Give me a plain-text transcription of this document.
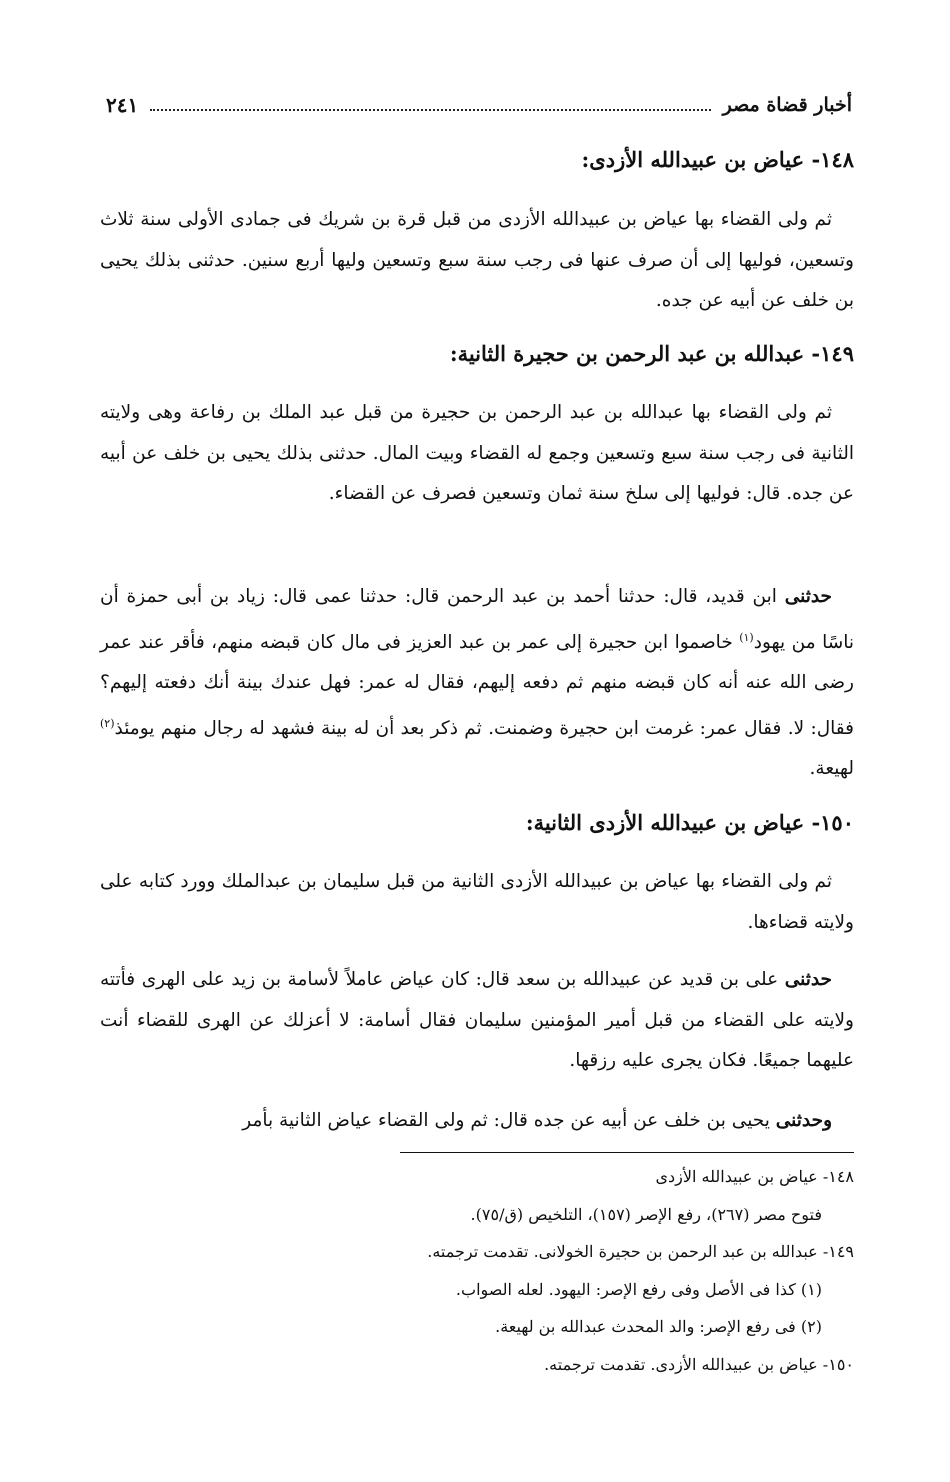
أخبار قضاة مصر
٢٤١
١٤٨- عياض بن عبيدالله الأزدى:

ثم ولى القضاء بها عياض بن عبيدالله الأزدى من قبل قرة بن شريك فى جمادى الأولى سنة ثلاث وتسعين، فوليها إلى أن صرف عنها فى رجب سنة سبع وتسعين وليها أربع سنين. حدثنى بذلك يحيى بن خلف عن أبيه عن جده.

١٤٩- عبدالله بن عبد الرحمن بن حجيرة الثانية:

ثم ولى القضاء بها عبدالله بن عبد الرحمن بن حجيرة من قبل عبد الملك بن رفاعة وهى ولايته الثانية فى رجب سنة سبع وتسعين وجمع له القضاء وبيت المال. حدثنى بذلك يحيى بن خلف عن أبيه عن جده. قال: فوليها إلى سلخ سنة ثمان وتسعين فصرف عن القضاء.

حدثنى ابن قديد، قال: حدثنا أحمد بن عبد الرحمن قال: حدثنا عمى قال: زياد بن أبى حمزة أن ناسًا من يهود$^{(١)}$ خاصموا ابن حجيرة إلى عمر بن عبد العزيز فى مال كان قبضه منهم، فأقر عند عمر رضى الله عنه أنه كان قبضه منهم ثم دفعه إليهم، فقال له عمر: فهل عندك بينة أنك دفعته إليهم؟ فقال: لا. فقال عمر: غرمت ابن حجيرة وضمنت. ثم ذكر بعد أن له بينة فشهد له رجال منهم يومئذ$^{(٢)}$ لهيعة.

١٥٠- عياض بن عبيدالله الأزدى الثانية:

ثم ولى القضاء بها عياض بن عبيدالله الأزدى الثانية من قبل سليمان بن عبدالملك وورد كتابه على ولايته قضاءها.

حدثنى على بن قديد عن عبيدالله بن سعد قال: كان عياض عاملاً لأسامة بن زيد على الهرى فأتته ولايته على القضاء من قبل أمير المؤمنين سليمان فقال أسامة: لا أعزلك عن الهرى للقضاء أنت عليهما جميعًا. فكان يجرى عليه رزقها.

وحدثنى يحيى بن خلف عن أبيه عن جده قال: ثم ولى القضاء عياض الثانية بأمر

١٤٨- عياض بن عبيدالله الأزدى
فتوح مصر (٢٦٧)، رفع الإصر (١٥٧)، التلخيص (ق/٧٥).
١٤٩- عبدالله بن عبد الرحمن بن حجيرة الخولانى. تقدمت ترجمته.
(١) كذا فى الأصل وفى رفع الإصر: اليهود. لعله الصواب.
(٢) فى رفع الإصر: والد المحدث عبدالله بن لهيعة.
١٥٠- عياض بن عبيدالله الأزدى. تقدمت ترجمته.
